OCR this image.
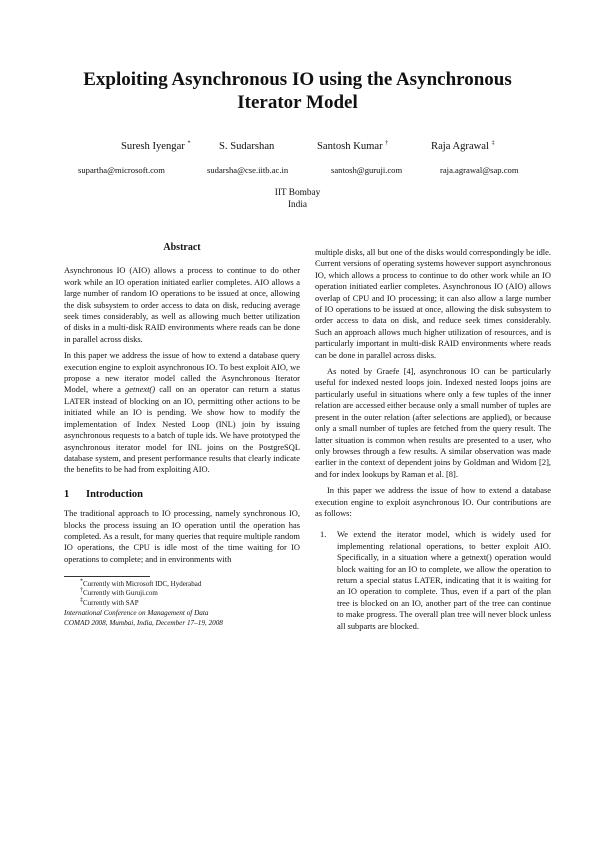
Exploiting Asynchronous IO using the Asynchronous Iterator Model
Suresh Iyengar *	S. Sudarshan	Santosh Kumar †	Raja Agrawal ‡
supartha@microsoft.com	sudarsha@cse.iitb.ac.in	santosh@guruji.com	raja.agrawal@sap.com
IIT Bombay
India
Abstract

Asynchronous IO (AIO) allows a process to continue to do other work while an IO operation initiated earlier completes. AIO allows a large number of random IO operations to be issued at once, allowing the disk subsystem to order access to data on disk, reducing average seek times considerably, as well as allowing much better utilization of disks in a multi-disk RAID environments where reads can be done in parallel across disks.

In this paper we address the issue of how to extend a database query execution engine to exploit asynchronous IO. To best exploit AIO, we propose a new iterator model called the Asynchronous Iterator Model, where a getnext() call on an operator can return a status LATER instead of blocking on an IO, permitting other actions to be initiated while an IO is pending. We show how to modify the implementation of Index Nested Loop (INL) join by issuing asynchronous requests to a batch of tuple ids. We have prototyped the asynchronous iterator model for INL joins on the PostgreSQL database system, and present performance results that clearly indicate the benefits to be had from exploiting AIO.

1 Introduction

The traditional approach to IO processing, namely synchronous IO, blocks the process issuing an IO operation until the operation has completed. As a result, for many queries that require multiple random IO operations, the CPU is idle most of the time waiting for IO operations to complete; and in environments with

*Currently with Microsoft IDC, Hyderabad
†Currently with Guruji.com
‡Currently with SAP
International Conference on Management of Data
COMAD 2008, Mumbai, India, December 17–19, 2008

multiple disks, all but one of the disks would correspondingly be idle. Current versions of operating systems however support asynchronous IO, which allows a process to continue to do other work while an IO operation initiated earlier completes. Asynchronous IO (AIO) allows overlap of CPU and IO processing; it can also allow a large number of IO operations to be issued at once, allowing the disk subsystem to order access to data on disk, and reduce seek times considerably. Such an approach allows much higher utilization of resources, and is particularly important in multi-disk RAID environments where reads can be done in parallel across disks.

As noted by Graefe [4], asynchronous IO can be particularly useful for indexed nested loops join. Indexed nested loops joins are particularly useful in situations where only a few tuples of the inner relation are accessed either because only a small number of tuples are present in the outer relation (after selections are applied), or because only a small number of tuples are fetched from the query result. The latter situation is common when results are presented to a user, who only browses through a few results. A similar observation was made earlier in the context of dependent joins by Goldman and Widom [2], and for index lookups by Raman et al. [8].

In this paper we address the issue of how to extend a database execution engine to exploit asynchronous IO. Our contributions are as follows:

1. We extend the iterator model, which is widely used for implementing relational operations, to better exploit AIO. Specifically, in a situation where a getnext() operation would block waiting for an IO to complete, we allow the operation to return a special status LATER, indicating that it is waiting for an IO operation to complete. Thus, even if a part of the plan tree is blocked on an IO, another part of the tree can continue to make progress. The overall plan tree will never block unless all subparts are blocked.
